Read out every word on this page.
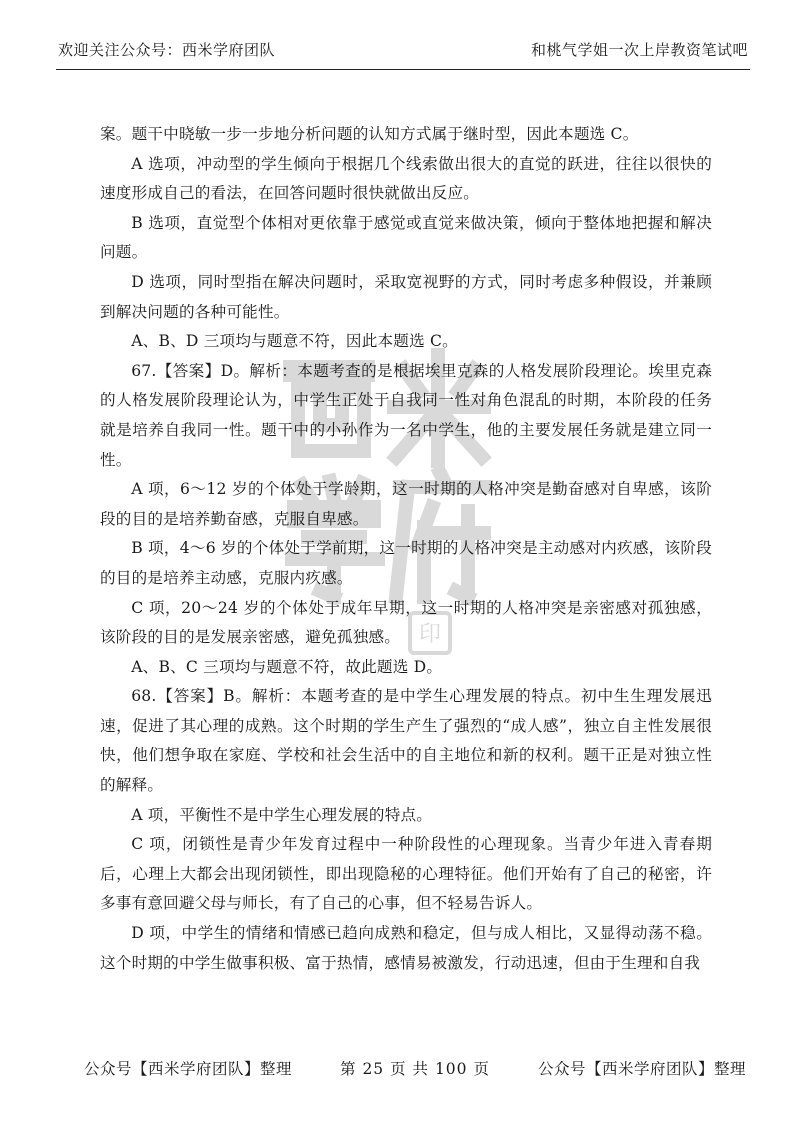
欢迎关注公众号：西米学府团队	和桃气学姐一次上岸教资笔试吧
印

案。题干中晓敏一步一步地分析问题的认知方式属于继时型，因此本题选 C。

A 选项，冲动型的学生倾向于根据几个线索做出很大的直觉的跃进，往往以很快的速度形成自己的看法，在回答问题时很快就做出反应。

B 选项，直觉型个体相对更依靠于感觉或直觉来做决策，倾向于整体地把握和解决问题。

D 选项，同时型指在解决问题时，采取宽视野的方式，同时考虑多种假设，并兼顾到解决问题的各种可能性。

A、B、D 三项均与题意不符，因此本题选 C。

67.【答案】D。解析：本题考查的是根据埃里克森的人格发展阶段理论。埃里克森的人格发展阶段理论认为，中学生正处于自我同一性对角色混乱的时期，本阶段的任务就是培养自我同一性。题干中的小孙作为一名中学生，他的主要发展任务就是建立同一性。

A 项，6～12 岁的个体处于学龄期，这一时期的人格冲突是勤奋感对自卑感，该阶段的目的是培养勤奋感，克服自卑感。

B 项，4～6 岁的个体处于学前期，这一时期的人格冲突是主动感对内疚感，该阶段的目的是培养主动感，克服内疚感。

C 项，20～24 岁的个体处于成年早期，这一时期的人格冲突是亲密感对孤独感，该阶段的目的是发展亲密感，避免孤独感。

A、B、C 三项均与题意不符，故此题选 D。

68.【答案】B。解析：本题考查的是中学生心理发展的特点。初中生生理发展迅速，促进了其心理的成熟。这个时期的学生产生了强烈的“成人感”，独立自主性发展很快，他们想争取在家庭、学校和社会生活中的自主地位和新的权利。题干正是对独立性的解释。

A 项，平衡性不是中学生心理发展的特点。

C 项，闭锁性是青少年发育过程中一种阶段性的心理现象。当青少年进入青春期后，心理上大都会出现闭锁性，即出现隐秘的心理特征。他们开始有了自己的秘密，许多事有意回避父母与师长，有了自己的心事，但不轻易告诉人。

D 项，中学生的情绪和情感已趋向成熟和稳定，但与成人相比，又显得动荡不稳。这个时期的中学生做事积极、富于热情，感情易被激发，行动迅速，但由于生理和自我

公众号【西米学府团队】整理	第 25 页 共 100 页	公众号【西米学府团队】整理
